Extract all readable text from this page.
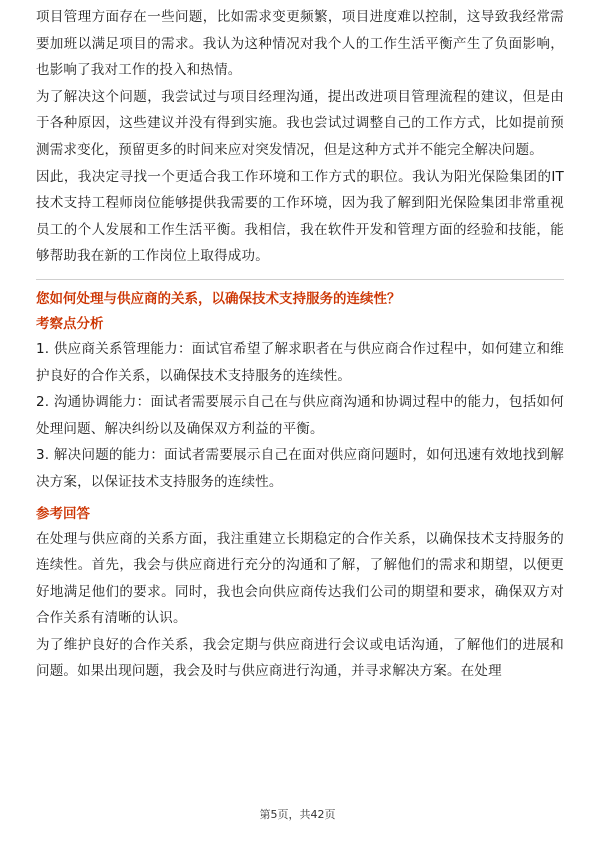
项目管理方面存在一些问题，比如需求变更频繁，项目进度难以控制，这导致我经常需要加班以满足项目的需求。我认为这种情况对我个人的工作生活平衡产生了负面影响，也影响了我对工作的投入和热情。

为了解决这个问题，我尝试过与项目经理沟通，提出改进项目管理流程的建议，但是由于各种原因，这些建议并没有得到实施。我也尝试过调整自己的工作方式，比如提前预测需求变化，预留更多的时间来应对突发情况，但是这种方式并不能完全解决问题。

因此，我决定寻找一个更适合我工作环境和工作方式的职位。我认为阳光保险集团的IT技术支持工程师岗位能够提供我需要的工作环境，因为我了解到阳光保险集团非常重视员工的个人发展和工作生活平衡。我相信，我在软件开发和管理方面的经验和技能，能够帮助我在新的工作岗位上取得成功。

您如何处理与供应商的关系，以确保技术支持服务的连续性？
考察点分析

1. 供应商关系管理能力：面试官希望了解求职者在与供应商合作过程中，如何建立和维护良好的合作关系，以确保技术支持服务的连续性。

2. 沟通协调能力：面试者需要展示自己在与供应商沟通和协调过程中的能力，包括如何处理问题、解决纠纷以及确保双方利益的平衡。

3. 解决问题的能力：面试者需要展示自己在面对供应商问题时，如何迅速有效地找到解决方案，以保证技术支持服务的连续性。

参考回答

在处理与供应商的关系方面，我注重建立长期稳定的合作关系，以确保技术支持服务的连续性。首先，我会与供应商进行充分的沟通和了解，了解他们的需求和期望，以便更好地满足他们的要求。同时，我也会向供应商传达我们公司的期望和要求，确保双方对合作关系有清晰的认识。

为了维护良好的合作关系，我会定期与供应商进行会议或电话沟通，了解他们的进展和问题。如果出现问题，我会及时与供应商进行沟通，并寻求解决方案。在处理

第5页，共42页
